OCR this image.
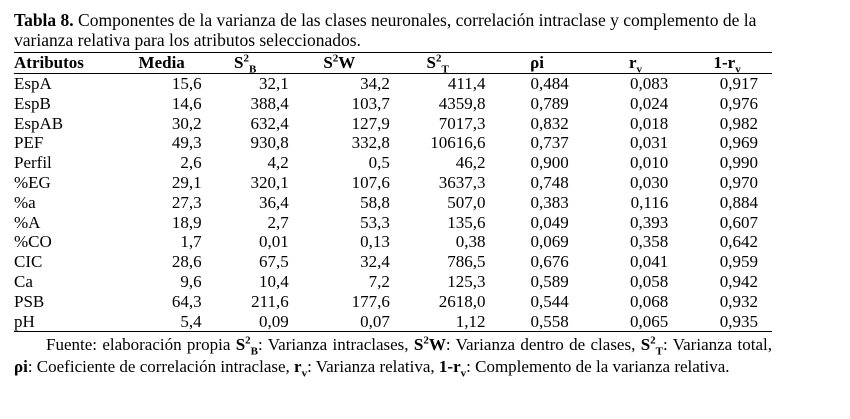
Tabla 8. Componentes de la varianza de las clases neuronales, correlación intraclase y complemento de la varianza relativa para los atributos seleccionados.

Atributos	Media	$S^2_B$	$S^2W$	$S^2_T$	ρi	$r_v$	$1-r_v$
EspA	15,6	32,1	34,2	411,4	0,484	0,083	0,917
EspB	14,6	388,4	103,7	4359,8	0,789	0,024	0,976
EspAB	30,2	632,4	127,9	7017,3	0,832	0,018	0,982
PEF	49,3	930,8	332,8	10616,6	0,737	0,031	0,969
Perfil	2,6	4,2	0,5	46,2	0,900	0,010	0,990
%EG	29,1	320,1	107,6	3637,3	0,748	0,030	0,970
%a	27,3	36,4	58,8	507,0	0,383	0,116	0,884
%A	18,9	2,7	53,3	135,6	0,049	0,393	0,607
%CO	1,7	0,01	0,13	0,38	0,069	0,358	0,642
CIC	28,6	67,5	32,4	786,5	0,676	0,041	0,959
Ca	9,6	10,4	7,2	125,3	0,589	0,058	0,942
PSB	64,3	211,6	177,6	2618,0	0,544	0,068	0,932
pH	5,4	0,09	0,07	1,12	0,558	0,065	0,935

Fuente: elaboración propia $S^2_B$: Varianza intraclases, $S^2W$: Varianza dentro de clases, $S^2_T$: Varianza total, ρi: Coeficiente de correlación intraclase, $r_v$: Varianza relativa, $1-r_v$: Complemento de la varianza relativa.
